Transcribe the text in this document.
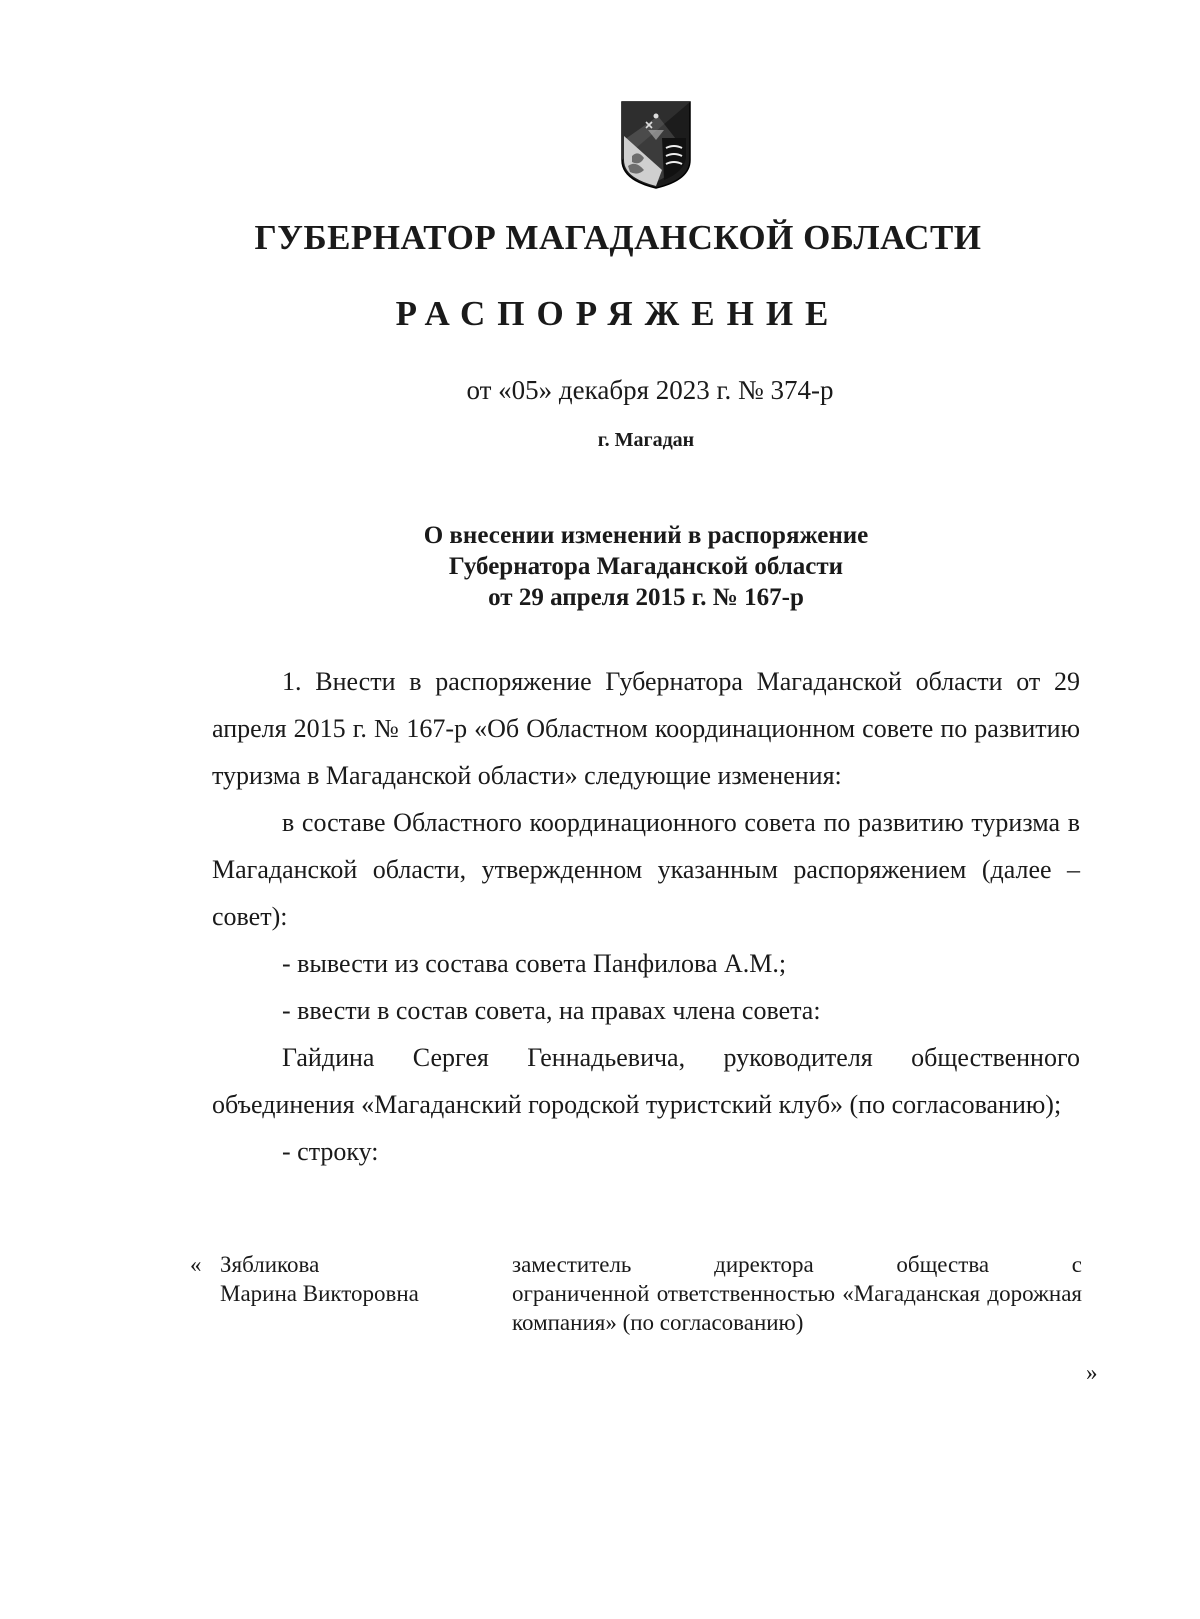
ГУБЕРНАТОР МАГАДАНСКОЙ ОБЛАСТИ
РАСПОРЯЖЕНИЕ
от «05» декабря 2023 г. № 374-р
г. Магадан
О внесении изменений в распоряжение
Губернатора Магаданской области
от 29 апреля 2015 г. № 167-р

1. Внести в распоряжение Губернатора Магаданской области от 29 апреля 2015 г. № 167-р «Об Областном координационном совете по развитию туризма в Магаданской области» следующие изменения:

в составе Областного координационного совета по развитию туризма в Магаданской области, утвержденном указанным распоряжением (далее – совет):

- вывести из состава совета Панфилова А.М.;

- ввести в состав совета, на правах члена совета:

Гайдина Сергея Геннадьевича, руководителя общественного объединения «Магаданский городской туристский клуб» (по согласованию);

- строку:

« Зябликова
Марина Викторовна
заместитель директора общества с
ограниченной ответственностью «Магаданская дорожная компания» (по согласованию)
»
